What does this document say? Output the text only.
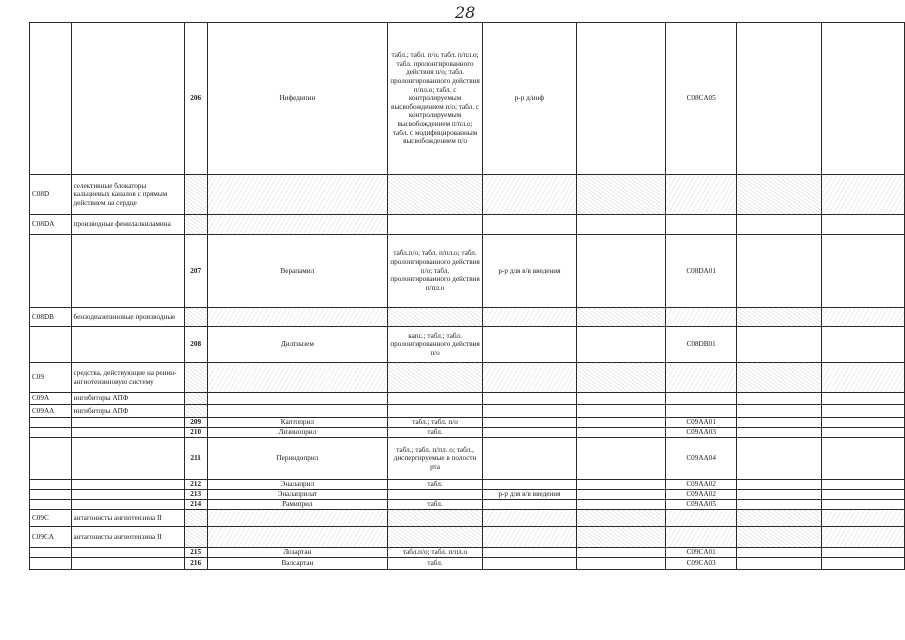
28
		206	Нифедипин	табл.; табл. п/о; табл. п/пл.о; табл. пролонгированного действия п/о; табл. пролонгированного действия п/пл.о; табл. с контролируемым высвобождением п/о; табл. с контролируемым высвобождением п/пл.о; табл. с модифицированным высвобождением п/о	р-р д/инф		C08CA05		
C08D	селективные блокаторы кальциевых каналов с прямым действием на сердце								
C08DA	производные фенилалкиламина								
		207	Верапамил	табл.п/о; табл. п/пл.о; табл. пролонгированного действия п/о; табл. пролонгированного действия п/пл.о	р-р для в/в введения		C08DA01		
C08DB	бензодиазепиновые производные								
		208	Дилтиазем	капс.; табл.; табл. пролонгированного действия п/о			C08DB01		
C09	средства, действующие на ренин-ангиотензиновую систему								
C09A	ингибиторы АПФ								
C09AA	ингибиторы АПФ								
		209	Каптоприл	табл.; табл. п/о			C09AA01		
		210	Лизиноприл	табл.			C09AA03		
		211	Периндоприл	табл.; табл. п/пл. о; табл., диспергируемые в полости рта			C09AA04		
		212	Эналаприл	табл.			C09AA02		
		213	Эналаприлат		р-р для в/в введения		C09AA02		
		214	Рамиприл	табл.			C09AA05		
C09C	антагонисты ангиотензина II								
C09CA	антагонисты ангиотензина II								
		215	Лозартан	табл.п/о; табл. п/пл.о			C09CA01		
		216	Валсартан	табл.			C09CA03		
